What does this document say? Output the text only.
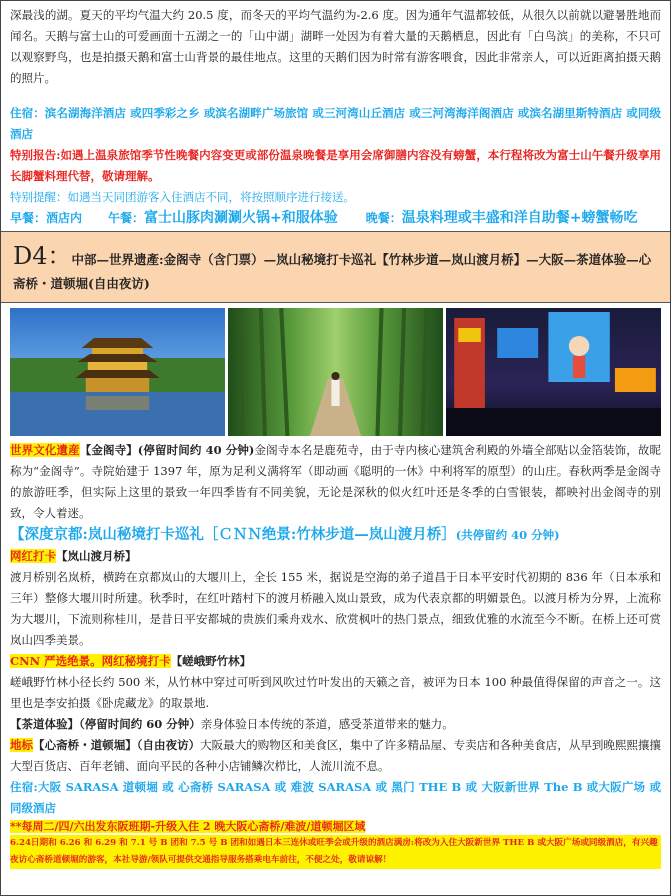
深最浅的湖。夏天的平均气温大约 20.5 度，而冬天的平均气温约为-2.6 度。因为通年气温都较低，从很久以前就以避暑胜地而闻名。天鹅与富士山的可爱画面十五湖之一的「山中湖」湖畔一处因为有着大量的天鹅栖息，因此有「白鸟滨」的美称，不只可以观察野鸟，也是拍摄天鹅和富士山背景的最佳地点。这里的天鹅们因为时常有游客喂食，因此非常亲人，可以近距离拍摄天鹅的照片。

住宿：滨名湖海洋酒店 或四季彩之乡 或滨名湖畔广场旅馆 或三河湾山丘酒店 或三河湾海洋阁酒店 或滨名湖里斯特酒店 或同级酒店

特别报告:如遇上温泉旅馆季节性晚餐内容变更或部份温泉晚餐是享用会席御膳内容没有螃蟹，本行程将改为富士山午餐升级享用长脚蟹料理代替，敬请理解。

特别提醒：如遇当天同团游客入住酒店不同，将按照顺序进行接送。

早餐： 酒店内 午餐： 富士山豚肉涮涮火锅+和服体验 晚餐： 温泉料理或丰盛和洋自助餐+螃蟹畅吃
D4：中部—世界遗產:金阁寺（含门票）—岚山秘境打卡巡礼【竹林步道—岚山渡月桥】—大阪—茶道体验—心斋桥・道顿堀(自由夜访)

世界文化遺産【金阁寺】(停留时间约 40 分钟)金阁寺本名是鹿苑寺，由于寺内核心建筑舍利殿的外墙全部贴以金箔装饰，故昵称为“金阁寺”。寺院始建于 1397 年，原为足利义满将军（即动画《聪明的一休》中利将军的原型）的山庄。春秋两季是金阁寺的旅游旺季，但实际上这里的景致一年四季皆有不同美貌，无论是深秋的似火红叶还是冬季的白雪银装，都映衬出金阁寺的别致，令人着迷。

【深度京都:岚山秘境打卡巡礼［ＣＮＮ绝景:竹林步道—岚山渡月桥］(共停留约 40 分钟)

网红打卡【岚山渡月桥】

渡月桥别名岚桥，横跨在京都岚山的大堰川上，全长 155 米，据说是空海的弟子道昌于日本平安时代初期的 836 年（日本承和三年）整修大堰川时所建。秋季时，在红叶踏村下的渡月桥融入岚山景致，成为代表京都的明媚景色。以渡月桥为分界，上流称为大堰川，下流则称桂川，是昔日平安都城的贵族们乘舟戏水、欣赏枫叶的热门景点，细致优雅的水流至今不断。在桥上还可赏岚山四季美景。

CNN 严选绝景。网红秘境打卡【嵯峨野竹林】

嵯峨野竹林小径长约 500 米，从竹林中穿过可听到风吹过竹叶发出的天籁之音，被评为日本 100 种最值得保留的声音之一。这里也是李安拍摄《卧虎藏龙》的取景地.

【茶道体验】（停留时间约 60 分钟）亲身体验日本传统的茶道，感受茶道带来的魅力。

地标【心斋桥・道顿堀】（自由夜访）大阪最大的购物区和美食区，集中了许多精品屋、专卖店和各种美食店，从早到晚熙熙攘攘大型百货店、百年老铺、面向平民的各种小店铺鳞次栉比，人流川流不息。

住宿:大阪 SARASA 道顿堀 或 心斋桥 SARASA 或 难波 SARASA 或 黑门 THE B 或 大阪新世界 The B 或大阪广场 或同级酒店

**每周二/四/六出发东阪班期-升级入住 2 晚大阪心斋桥/难波/道顿堀区域
6.24日期和 6.26 和 6.29 和 7.1 号 B 团和 7.5 号 B 团和如遇日本三连休或旺季会或升级的酒店满房:将改为入住大阪新世界 THE B 或大阪广场或同级酒店，有兴趣夜访心斋桥道顿堀的游客，本社导游/领队可提供交通指导服务搭乘电车前往，不便之处，敬请谅解！
